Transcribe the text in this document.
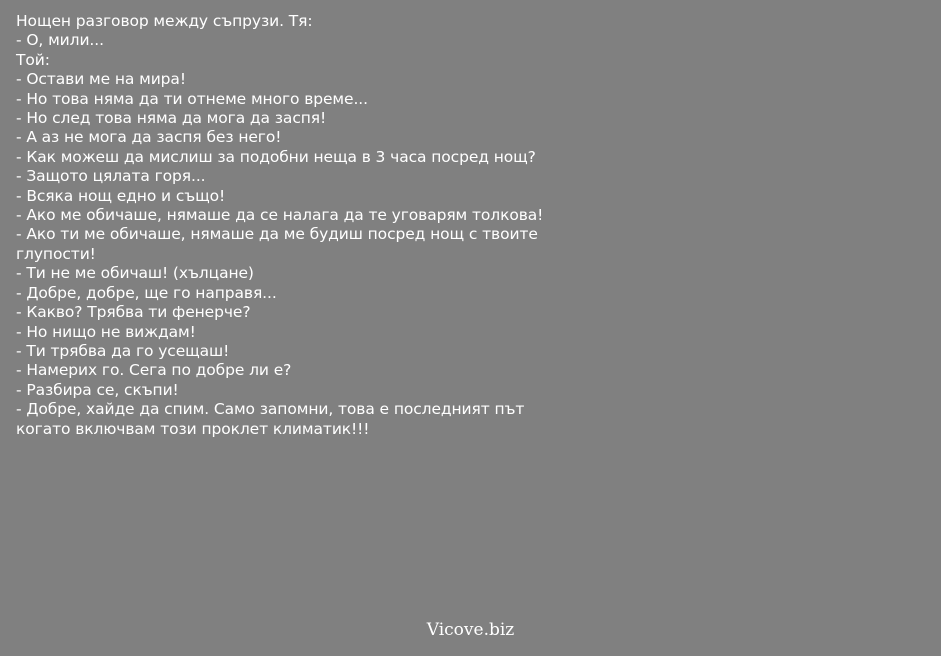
Нощен разговор между съпрузи. Тя:
- О, мили...
Той:
- Остави ме на мира!
- Но това няма да ти отнеме много време...
- Но след това няма да мога да заспя!
- А аз не мога да заспя без него!
- Как можеш да мислиш за подобни неща в 3 часа посред нощ?
- Защото цялата горя...
- Всяка нощ едно и също!
- Ако ме обичаше, нямаше да се налага да те уговарям толкова!
- Ако ти ме обичаше, нямаше да ме будиш посред нощ с твоите глупости!
- Ти не ме обичаш! (хълцане)
- Добре, добре, ще го направя...
- Какво? Трябва ти фенерче?
- Но нищо не виждам!
- Ти трябва да го усещаш!
- Намерих го. Сега по добре ли е?
- Разбира се, скъпи!
- Добре, хайде да спим. Само запомни, това е последният път когато включвам този проклет климатик!!!
Vicove.biz
